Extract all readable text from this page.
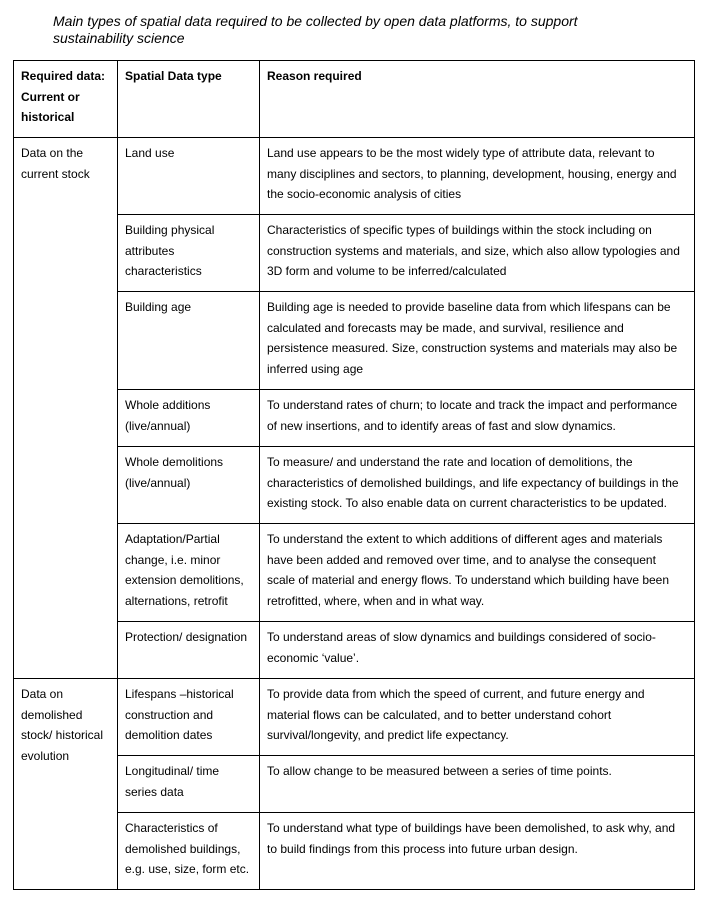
Main types of spatial data required to be collected by open data platforms, to support sustainability science
Required data: Current or historical	Spatial Data type	Reason required
Data on the current stock	Land use	Land use appears to be the most widely type of attribute data, relevant to many disciplines and sectors, to planning, development, housing, energy and the socio-economic analysis of cities
	Building physical attributes characteristics	Characteristics of specific types of buildings within the stock including on construction systems and materials, and size, which also allow typologies and 3D form and volume to be inferred/calculated
	Building age	Building age is needed to provide baseline data from which lifespans can be calculated and forecasts may be made, and survival, resilience and persistence measured. Size, construction systems and materials may also be inferred using age
	Whole additions (live/annual)	To understand rates of churn; to locate and track the impact and performance of new insertions, and to identify areas of fast and slow dynamics.
	Whole demolitions (live/annual)	To measure/ and understand the rate and location of demolitions, the characteristics of demolished buildings, and life expectancy of buildings in the existing stock. To also enable data on current characteristics to be updated.
	Adaptation/Partial change, i.e. minor extension demolitions, alternations, retrofit	To understand the extent to which additions of different ages and materials have been added and removed over time, and to analyse the consequent scale of material and energy flows. To understand which building have been retrofitted, where, when and in what way.
	Protection/ designation	To understand areas of slow dynamics and buildings considered of socio-economic ‘value’.
Data on demolished stock/ historical evolution	Lifespans –historical construction and demolition dates	To provide data from which the speed of current, and future energy and material flows can be calculated, and to better understand cohort survival/longevity, and predict life expectancy.
	Longitudinal/ time series data	To allow change to be measured between a series of time points.
	Characteristics of demolished buildings, e.g. use, size, form etc.	To understand what type of buildings have been demolished, to ask why, and to build findings from this process into future urban design.
